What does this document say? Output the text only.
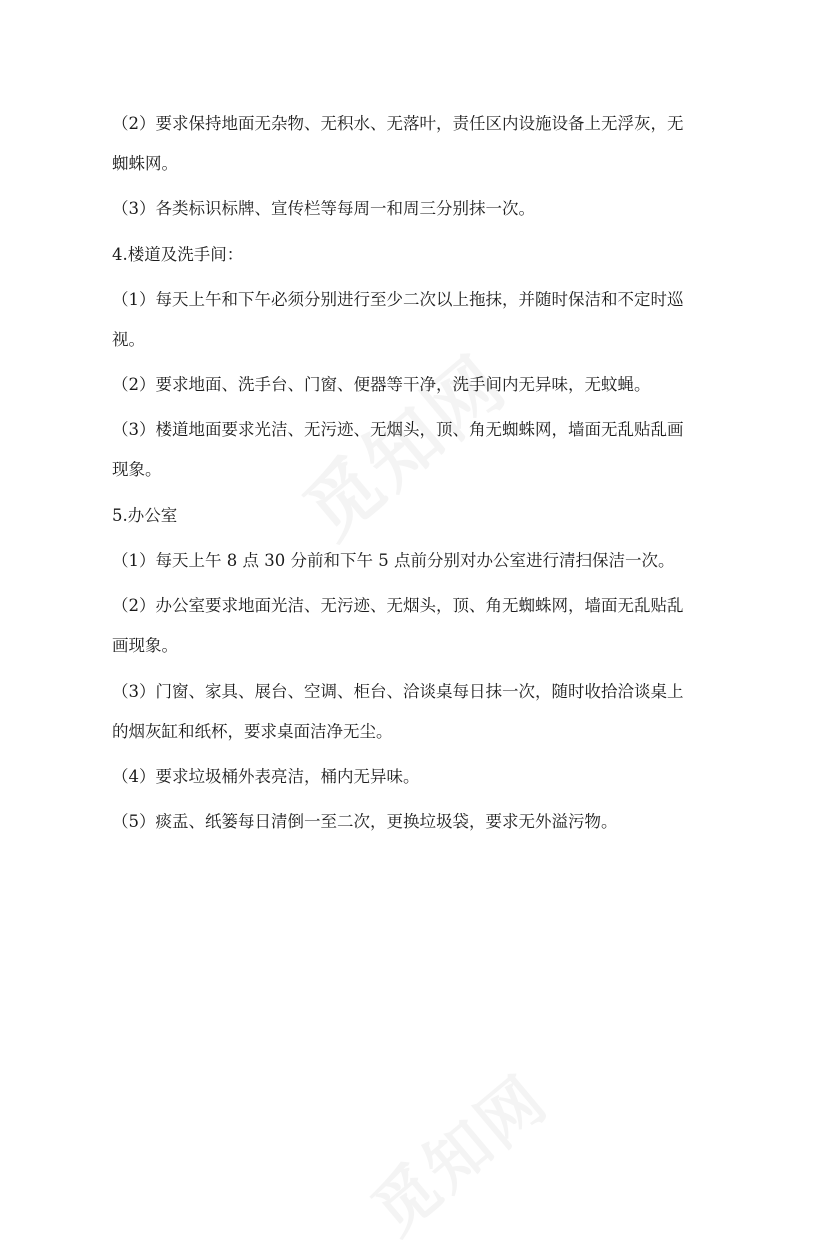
（2）要求保持地面无杂物、无积水、无落叶，责任区内设施设备上无浮灰，无

蜘蛛网。

（3）各类标识标牌、宣传栏等每周一和周三分别抹一次。

4.楼道及洗手间：

（1）每天上午和下午必须分别进行至少二次以上拖抹，并随时保洁和不定时巡

视。

（2）要求地面、洗手台、门窗、便器等干净，洗手间内无异味，无蚊蝇。

（3）楼道地面要求光洁、无污迹、无烟头，顶、角无蜘蛛网，墙面无乱贴乱画

现象。

5.办公室

（1）每天上午 8 点 30 分前和下午 5 点前分别对办公室进行清扫保洁一次。

（2）办公室要求地面光洁、无污迹、无烟头，顶、角无蜘蛛网，墙面无乱贴乱

画现象。

（3）门窗、家具、展台、空调、柜台、洽谈桌每日抹一次，随时收拾洽谈桌上

的烟灰缸和纸杯，要求桌面洁净无尘。

（4）要求垃圾桶外表亮洁，桶内无异味。

（5）痰盂、纸篓每日清倒一至二次，更换垃圾袋，要求无外溢污物。
